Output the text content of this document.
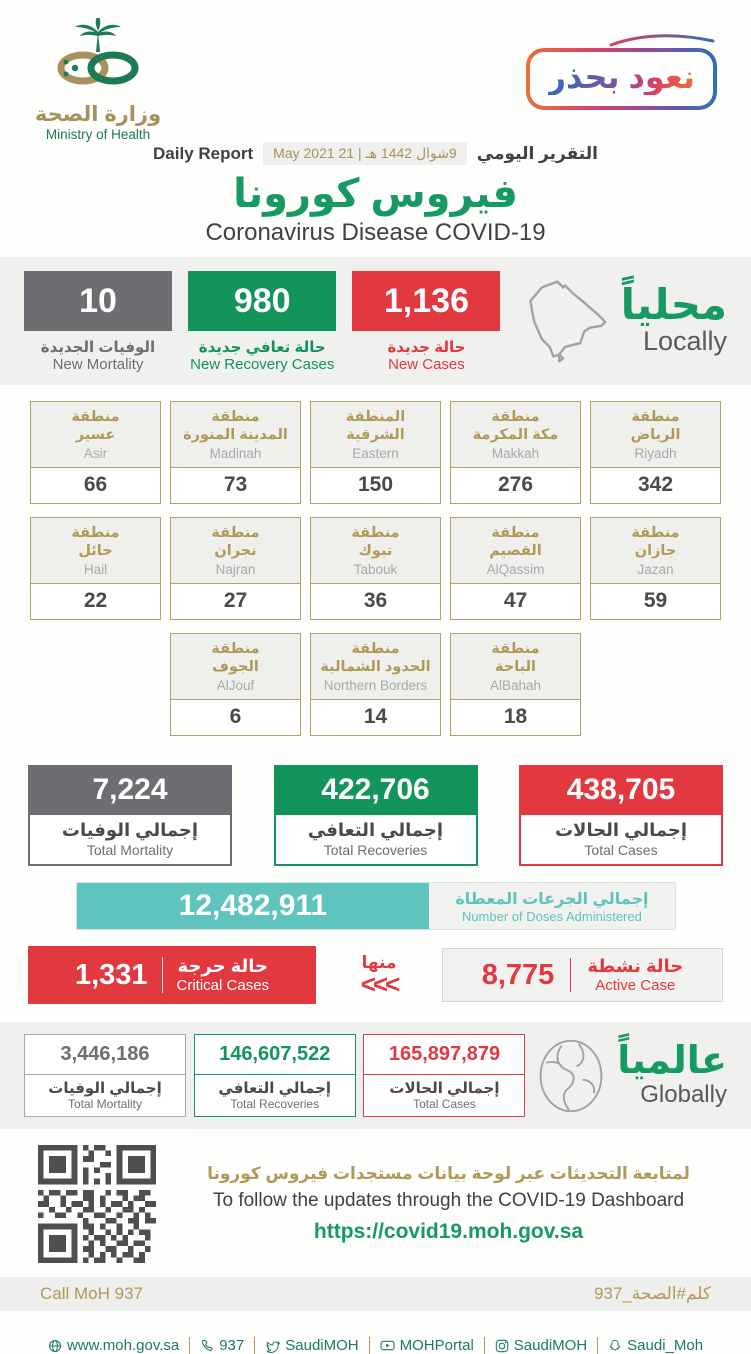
وزارة الصحة
Ministry of Health
نعود بحذر
Daily Report	9شوال 1442 هـ | 21 May 2021	التقرير اليومي
فيروس كورونا
Coronavirus Disease COVID-19
10
الوفيات الجديدة
New Mortality
980
حالة تعافي جديدة
New Recovery Cases
1,136
حالة جديدة
New Cases
محلياً
Locally
منطقة
عسير
Asir
66
منطقة
المدينة المنورة
Madinah
73
المنطقة
الشرقية
Eastern
150
منطقة
مكة المكرمة
Makkah
276
منطقة
الرياض
Riyadh
342
منطقة
حائل
Hail
22
منطقة
نجران
Najran
27
منطقة
تبوك
Tabouk
36
منطقة
القصيم
AlQassim
47
منطقة
جازان
Jazan
59
منطقة
الجوف
AlJouf
6
منطقة
الحدود الشمالية
Northern Borders
14
منطقة
الباحة
AlBahah
18
7,224
إجمالي الوفيات
Total Mortality
422,706
إجمالي التعافي
Total Recoveries
438,705
إجمالي الحالات
Total Cases
12,482,911	إجمالي الجرعات المعطاة
Number of Doses Administered
1,331 حالة حرجة
Critical Cases
منها
<<<	8,775 حالة نشطة
Active Case
3,446,186
إجمالي الوفيات
Total Mortality
146,607,522
إجمالي التعافي
Total Recoveries
165,897,879
إجمالي الحالات
Total Cases
عالمياً
Globally
لمتابعة التحديثات عبر لوحة بيانات مستجدات فيروس كورونا
To follow the updates through the COVID-19 Dashboard
https://covid19.moh.gov.sa
Call MoH 937	كلم#الصحة_937
www.moh.gov.sa	937	SaudiMOH	MOHPortal	SaudiMOH	Saudi_Moh
